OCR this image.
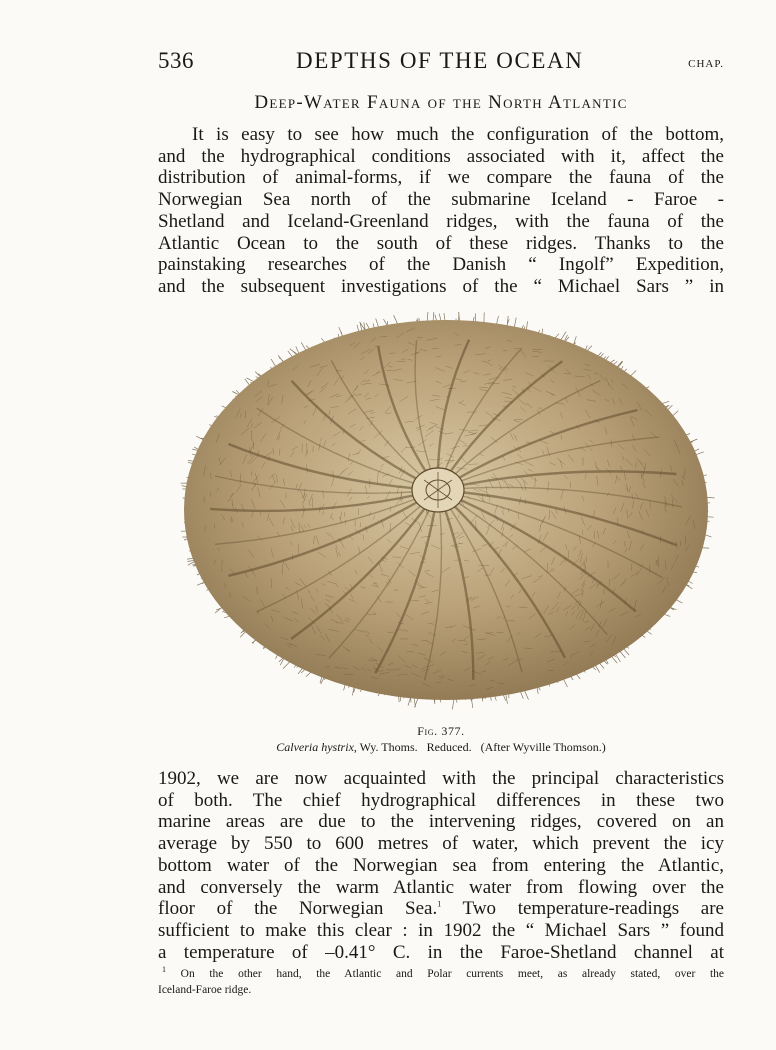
536	DEPTHS OF THE OCEAN	CHAP.
Deep-Water Fauna of the North Atlantic

It is easy to see how much the configuration of the bottom,
and the hydrographical conditions associated with it, affect the
distribution of animal-forms, if we compare the fauna of the
Norwegian Sea north of the submarine Iceland - Faroe -
Shetland and Iceland-Greenland ridges, with the fauna of the
Atlantic Ocean to the south of these ridges. Thanks to the
painstaking researches of the Danish “ Ingolf” Expedition,
and the subsequent investigations of the “ Michael Sars ” in

Fig. 377.
Calveria hystrix, Wy. Thoms. Reduced. (After Wyville Thomson.)

1902, we are now acquainted with the principal characteristics
of both. The chief hydrographical differences in these two
marine areas are due to the intervening ridges, covered on an
average by 550 to 600 metres of water, which prevent the icy
bottom water of the Norwegian sea from entering the Atlantic,
and conversely the warm Atlantic water from flowing over the
floor of the Norwegian Sea.$^1$ Two temperature-readings are
sufficient to make this clear : in 1902 the “ Michael Sars ” found
a temperature of –0.41° C. in the Faroe-Shetland channel at

$^1$ On the other hand, the Atlantic and Polar currents meet, as already stated, over the
Iceland-Faroe ridge.
